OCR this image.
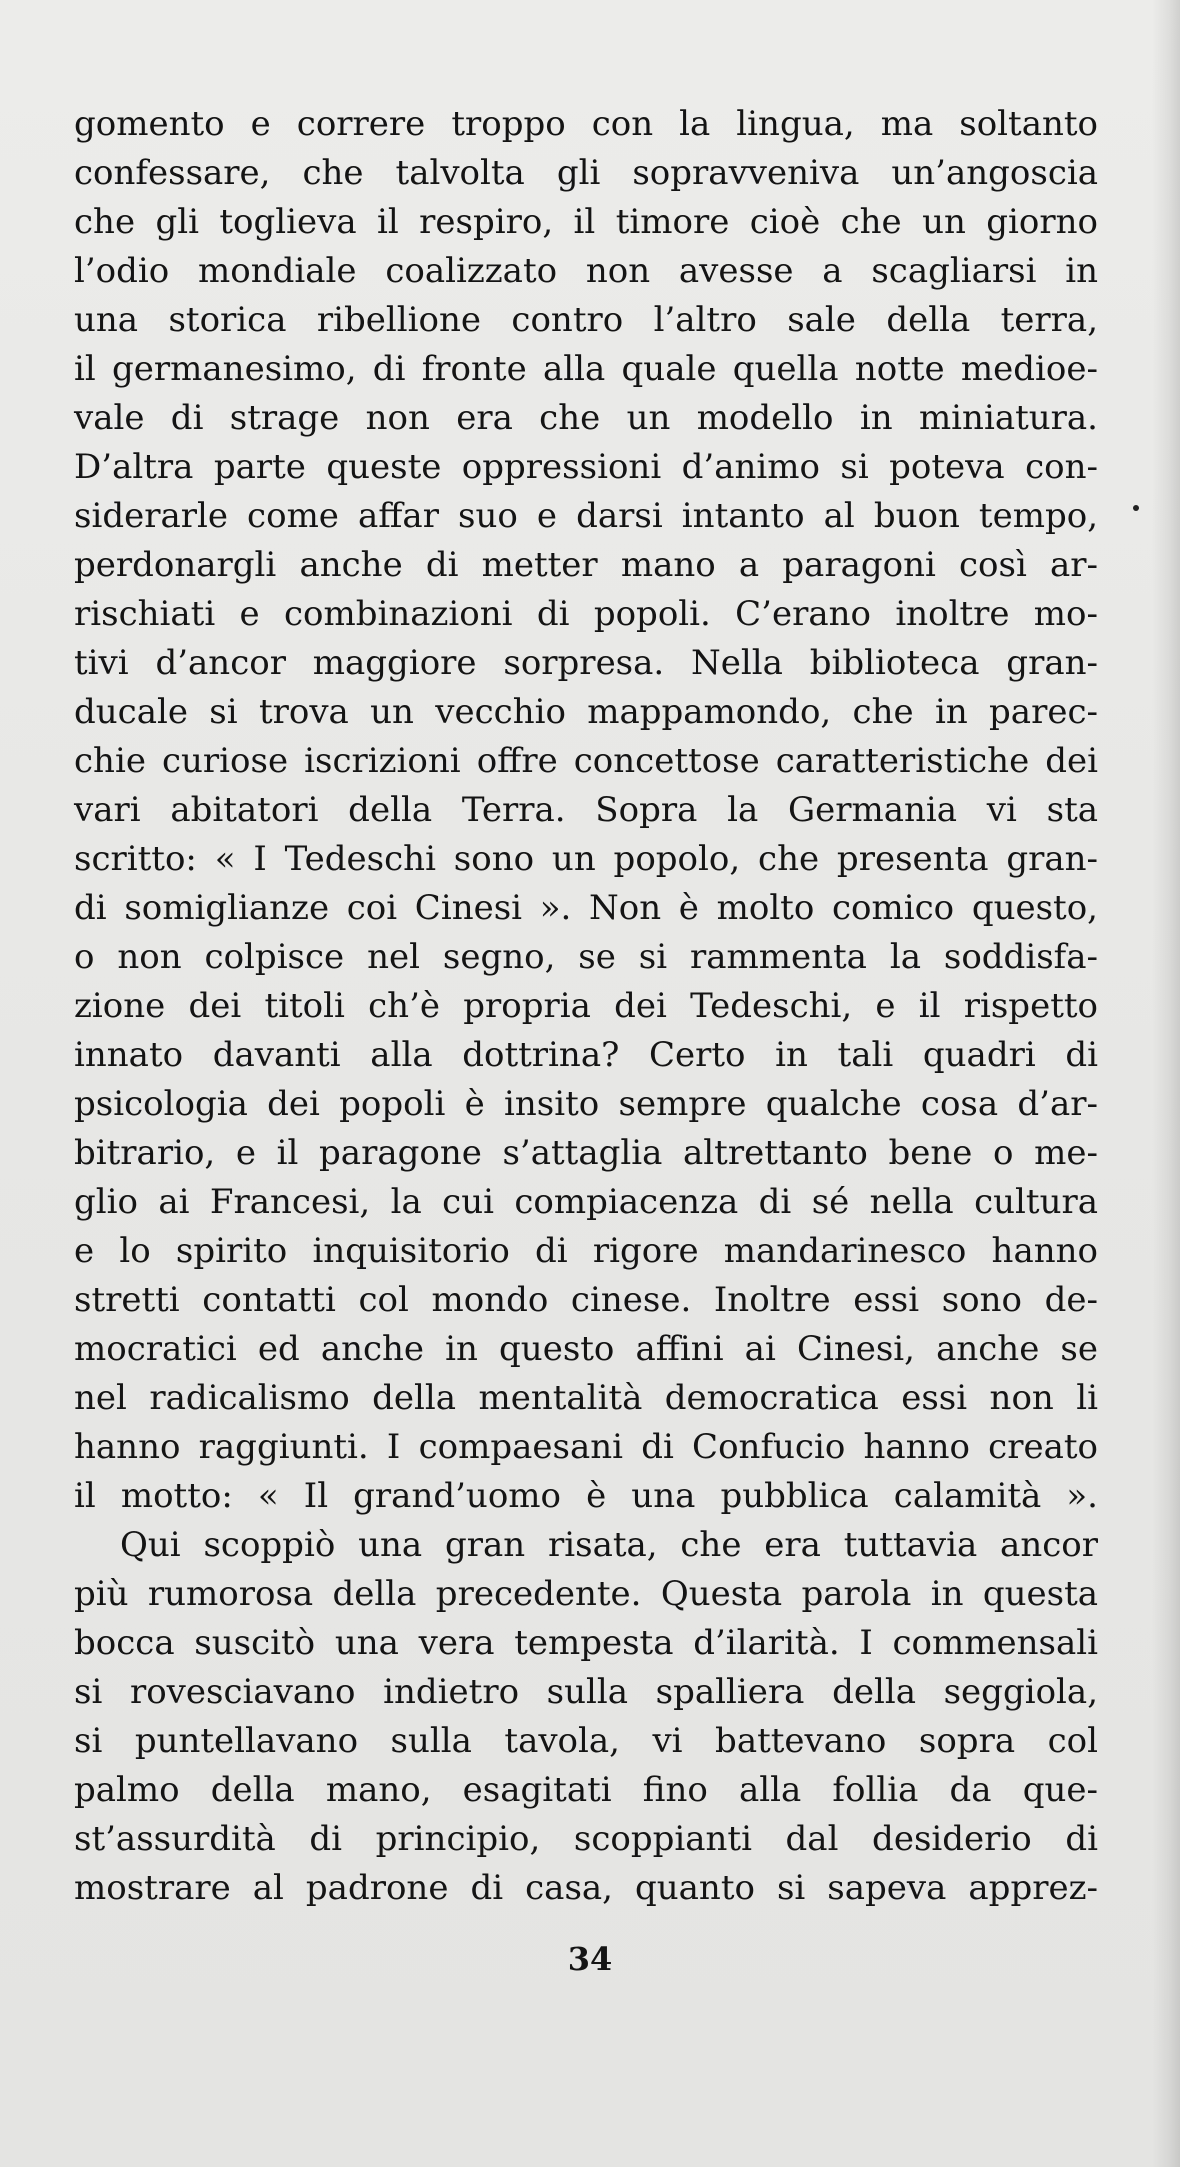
gomento e correre troppo con la lingua, ma soltanto
confessare, che talvolta gli sopravveniva un’angoscia
che gli toglieva il respiro, il timore cioè che un giorno
l’odio mondiale coalizzato non avesse a scagliarsi in
una storica ribellione contro l’altro sale della terra,
il germanesimo, di fronte alla quale quella notte medioe-
vale di strage non era che un modello in miniatura.
D’altra parte queste oppressioni d’animo si poteva con-
siderarle come affar suo e darsi intanto al buon tempo,
perdonargli anche di metter mano a paragoni così ar-
rischiati e combinazioni di popoli. C’erano inoltre mo-
tivi d’ancor maggiore sorpresa. Nella biblioteca gran-
ducale si trova un vecchio mappamondo, che in parec-
chie curiose iscrizioni offre concettose caratteristiche dei
vari abitatori della Terra. Sopra la Germania vi sta
scritto: « I Tedeschi sono un popolo, che presenta gran-
di somiglianze coi Cinesi ». Non è molto comico questo,
o non colpisce nel segno, se si rammenta la soddisfa-
zione dei titoli ch’è propria dei Tedeschi, e il rispetto
innato davanti alla dottrina? Certo in tali quadri di
psicologia dei popoli è insito sempre qualche cosa d’ar-
bitrario, e il paragone s’attaglia altrettanto bene o me-
glio ai Francesi, la cui compiacenza di sé nella cultura
e lo spirito inquisitorio di rigore mandarinesco hanno
stretti contatti col mondo cinese. Inoltre essi sono de-
mocratici ed anche in questo affini ai Cinesi, anche se
nel radicalismo della mentalità democratica essi non li
hanno raggiunti. I compaesani di Confucio hanno creato
il motto: « Il grand’uomo è una pubblica calamità ».
Qui scoppiò una gran risata, che era tuttavia ancor
più rumorosa della precedente. Questa parola in questa
bocca suscitò una vera tempesta d’ilarità. I commensali
si rovesciavano indietro sulla spalliera della seggiola,
si puntellavano sulla tavola, vi battevano sopra col
palmo della mano, esagitati fino alla follia da que-
st’assurdità di principio, scoppianti dal desiderio di
mostrare al padrone di casa, quanto si sapeva apprez-
34
